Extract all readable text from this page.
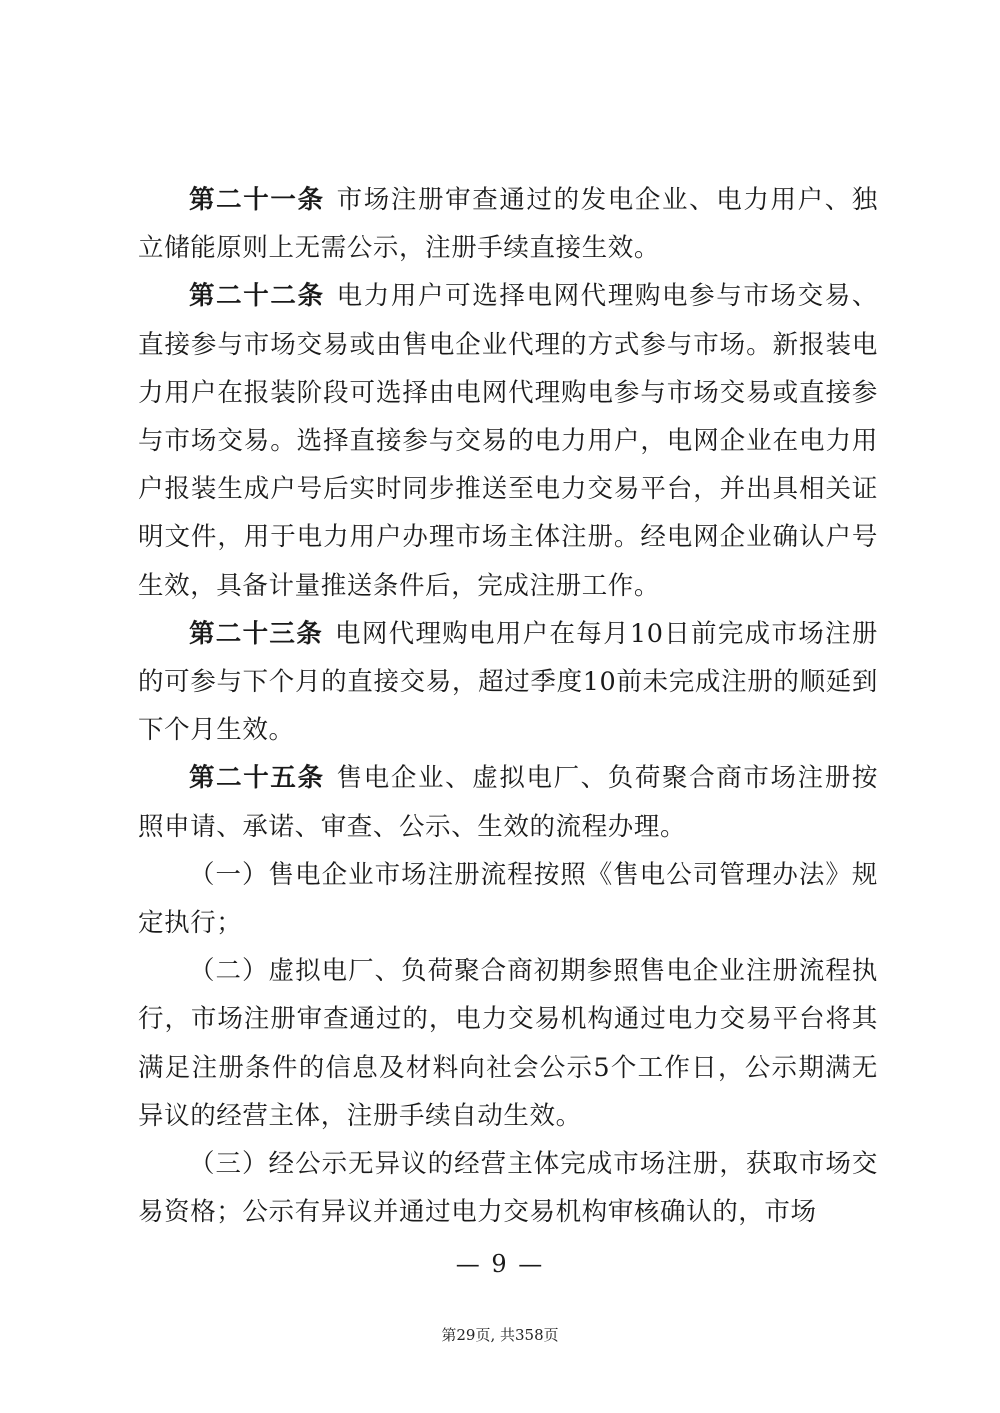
第二十一条 市场注册审查通过的发电企业、电力用户、独立储能原则上无需公示，注册手续直接生效。

第二十二条 电力用户可选择电网代理购电参与市场交易、直接参与市场交易或由售电企业代理的方式参与市场。新报装电力用户在报装阶段可选择由电网代理购电参与市场交易或直接参与市场交易。选择直接参与交易的电力用户，电网企业在电力用户报装生成户号后实时同步推送至电力交易平台，并出具相关证明文件，用于电力用户办理市场主体注册。经电网企业确认户号生效，具备计量推送条件后，完成注册工作。

第二十三条 电网代理购电用户在每月10日前完成市场注册的可参与下个月的直接交易，超过季度10前未完成注册的顺延到下个月生效。

第二十五条 售电企业、虚拟电厂、负荷聚合商市场注册按照申请、承诺、审查、公示、生效的流程办理。

（一）售电企业市场注册流程按照《售电公司管理办法》规定执行；

（二）虚拟电厂、负荷聚合商初期参照售电企业注册流程执行，市场注册审查通过的，电力交易机构通过电力交易平台将其满足注册条件的信息及材料向社会公示5个工作日，公示期满无异议的经营主体，注册手续自动生效。

（三）经公示无异议的经营主体完成市场注册，获取市场交易资格；公示有异议并通过电力交易机构审核确认的，市场

— 9 —
第29页, 共358页
